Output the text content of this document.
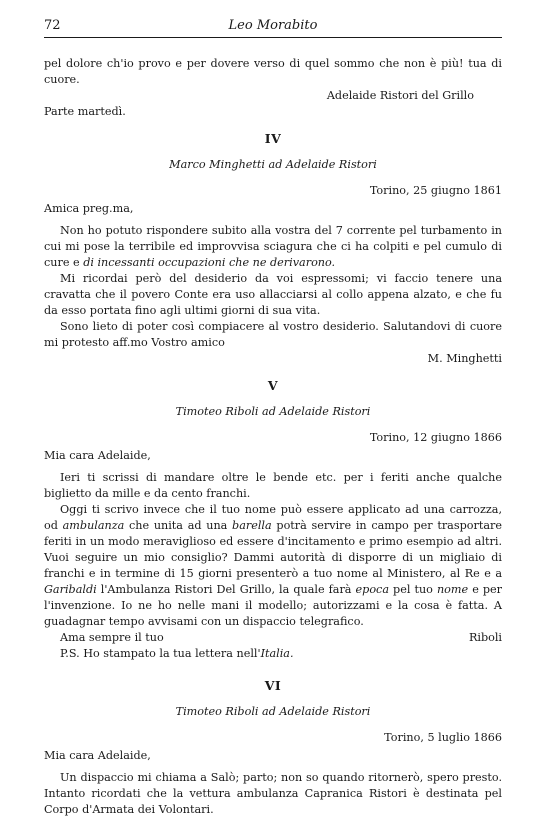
72	Leo Morabito

pel dolore ch'io provo e per dovere verso di quel sommo che non è più! tua di cuore.

Adelaide Ristori del Grillo

Parte martedì.

IV
Marco Minghetti ad Adelaide Ristori

Torino, 25 giugno 1861

Amica preg.ma,

Non ho potuto rispondere subito alla vostra del 7 corrente pel turbamento in cui mi pose la terribile ed improvvisa sciagura che ci ha colpiti e pel cumulo di cure e di incessanti occupazioni che ne derivarono.

Mi ricordai però del desiderio da voi espressomi; vi faccio tenere una cravatta che il povero Conte era uso allacciarsi al collo appena alzato, e che fu da esso portata fino agli ultimi giorni di sua vita.

Sono lieto di poter così compiacere al vostro desiderio. Salutandovi di cuore mi protesto aff.mo Vostro amico

M. Minghetti

V
Timoteo Riboli ad Adelaide Ristori

Torino, 12 giugno 1866

Mia cara Adelaide,

Ieri ti scrissi di mandare oltre le bende etc. per i feriti anche qualche biglietto da mille e da cento franchi.

Oggi ti scrivo invece che il tuo nome può essere applicato ad una carrozza, od ambulanza che unita ad una barella potrà servire in campo per trasportare feriti in un modo meraviglioso ed essere d'incitamento e primo esempio ad altri. Vuoi seguire un mio consiglio? Dammi autorità di disporre di un migliaio di franchi e in termine di 15 giorni presenterò a tuo nome al Ministero, al Re e a Garibaldi l'Ambulanza Ristori Del Grillo, la quale farà epoca pel tuo nome e per l'invenzione. Io ne ho nelle mani il modello; autorizzami e la cosa è fatta. A guadagnar tempo avvisami con un dispaccio telegrafico.

Ama sempre il tuo	Riboli

P.S. Ho stampato la tua lettera nell'Italia.

VI
Timoteo Riboli ad Adelaide Ristori

Torino, 5 luglio 1866

Mia cara Adelaide,

Un dispaccio mi chiama a Salò; parto; non so quando ritornerò, spero presto. Intanto ricordati che la vettura ambulanza Capranica Ristori è destinata pel Corpo d'Armata dei Volontari.
